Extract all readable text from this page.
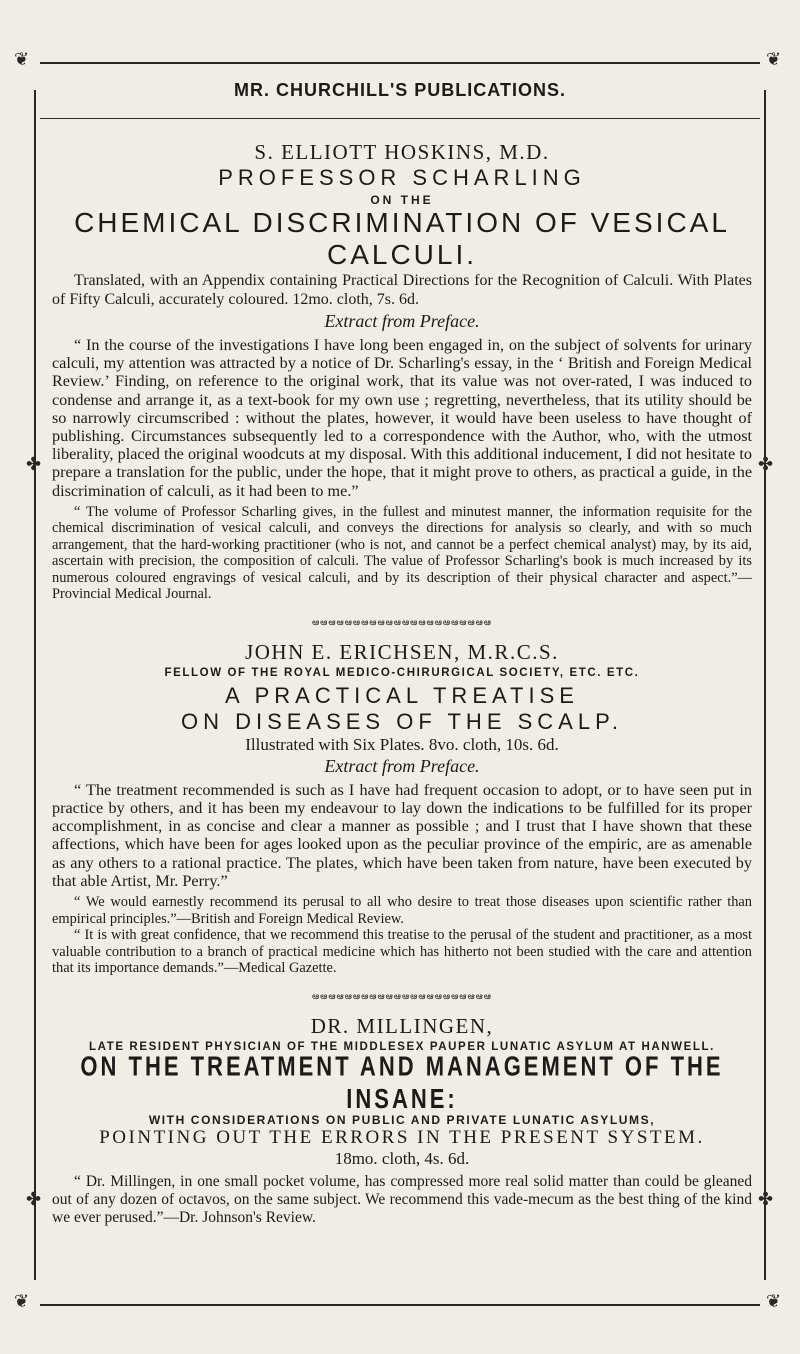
❦	❦
❦	❦
✤	✤
✤	✤
MR. CHURCHILL'S PUBLICATIONS.

S. ELLIOTT HOSKINS, M.D.

PROFESSOR SCHARLING

ON THE

CHEMICAL DISCRIMINATION OF VESICAL CALCULI.

Translated, with an Appendix containing Practical Directions for the Recognition of Calculi. With Plates of Fifty Calculi, accurately coloured. 12mo. cloth, 7s. 6d.

Extract from Preface.

“ In the course of the investigations I have long been engaged in, on the subject of solvents for urinary calculi, my attention was attracted by a notice of Dr. Scharling's essay, in the ‘ British and Foreign Medical Review.’ Finding, on reference to the original work, that its value was not over-rated, I was induced to condense and arrange it, as a text-book for my own use ; regretting, nevertheless, that its utility should be so narrowly circumscribed : without the plates, however, it would have been useless to have thought of publishing. Circumstances subsequently led to a correspondence with the Author, who, with the utmost liberality, placed the original woodcuts at my disposal. With this additional inducement, I did not hesitate to prepare a translation for the public, under the hope, that it might prove to others, as practical a guide, in the discrimination of calculi, as it had been to me.”

“ The volume of Professor Scharling gives, in the fullest and minutest manner, the information requisite for the chemical discrimination of vesical calculi, and conveys the directions for analysis so clearly, and with so much arrangement, that the hard-working practitioner (who is not, and cannot be a perfect chemical analyst) may, by its aid, ascertain with precision, the composition of calculi. The value of Professor Scharling's book is much increased by its numerous coloured engravings of vesical calculi, and by its description of their physical character and aspect.”—Provincial Medical Journal.

ఆఆఆఆఆఆఆఆఆఆఆఆఆఆఆఆఆఆఆఆఆఆ

JOHN E. ERICHSEN, M.R.C.S.

FELLOW OF THE ROYAL MEDICO-CHIRURGICAL SOCIETY, ETC. ETC.

A PRACTICAL TREATISE

ON DISEASES OF THE SCALP.

Illustrated with Six Plates. 8vo. cloth, 10s. 6d.

Extract from Preface.

“ The treatment recommended is such as I have had frequent occasion to adopt, or to have seen put in practice by others, and it has been my endeavour to lay down the indications to be fulfilled for its proper accomplishment, in as concise and clear a manner as possible ; and I trust that I have shown that these affections, which have been for ages looked upon as the peculiar province of the empiric, are as amenable as any others to a rational practice. The plates, which have been taken from nature, have been executed by that able Artist, Mr. Perry.”

“ We would earnestly recommend its perusal to all who desire to treat those diseases upon scientific rather than empirical principles.”—British and Foreign Medical Review.

“ It is with great confidence, that we recommend this treatise to the perusal of the student and practitioner, as a most valuable contribution to a branch of practical medicine which has hitherto not been studied with the care and attention that its importance demands.”—Medical Gazette.

ఆఆఆఆఆఆఆఆఆఆఆఆఆఆఆఆఆఆఆఆఆఆ

DR. MILLINGEN,

LATE RESIDENT PHYSICIAN OF THE MIDDLESEX PAUPER LUNATIC ASYLUM AT HANWELL.

ON THE TREATMENT AND MANAGEMENT OF THE INSANE:

WITH CONSIDERATIONS ON PUBLIC AND PRIVATE LUNATIC ASYLUMS,

POINTING OUT THE ERRORS IN THE PRESENT SYSTEM.

18mo. cloth, 4s. 6d.

“ Dr. Millingen, in one small pocket volume, has compressed more real solid matter than could be gleaned out of any dozen of octavos, on the same subject. We recommend this vade-mecum as the best thing of the kind we ever perused.”—Dr. Johnson's Review.
